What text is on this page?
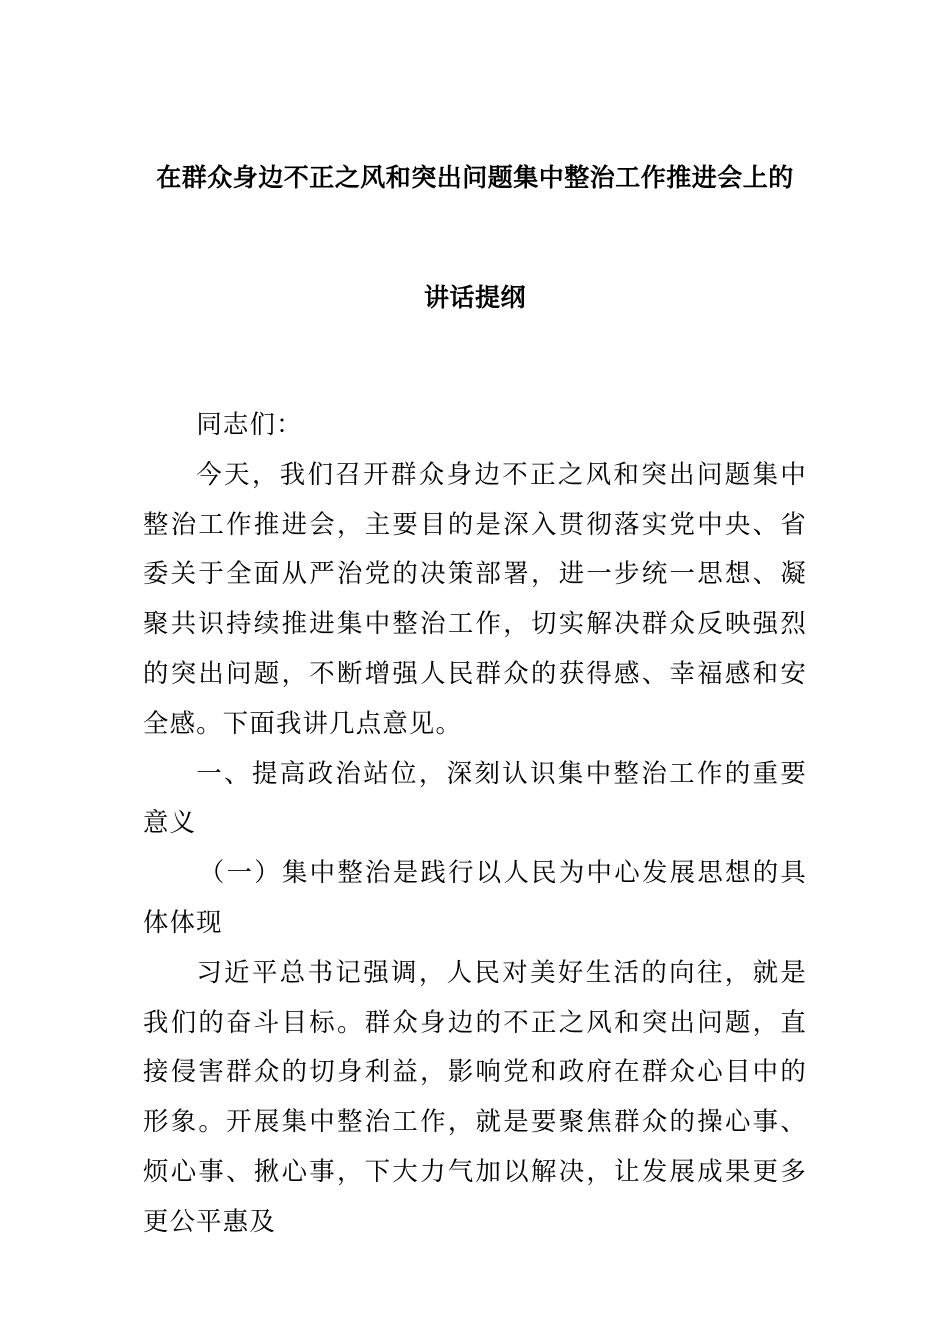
在群众身边不正之风和突出问题集中整治工作推进会上的
讲话提纲

同志们：

今天，我们召开群众身边不正之风和突出问题集中整治工作推进会，主要目的是深入贯彻落实党中央、省委关于全面从严治党的决策部署，进一步统一思想、凝聚共识持续推进集中整治工作，切实解决群众反映强烈的突出问题，不断增强人民群众的获得感、幸福感和安全感。下面我讲几点意见。

一、提高政治站位，深刻认识集中整治工作的重要意义

（一）集中整治是践行以人民为中心发展思想的具体体现

习近平总书记强调，人民对美好生活的向往，就是我们的奋斗目标。群众身边的不正之风和突出问题，直接侵害群众的切身利益，影响党和政府在群众心目中的形象。开展集中整治工作，就是要聚焦群众的操心事、烦心事、揪心事，下大力气加以解决，让发展成果更多更公平惠及
